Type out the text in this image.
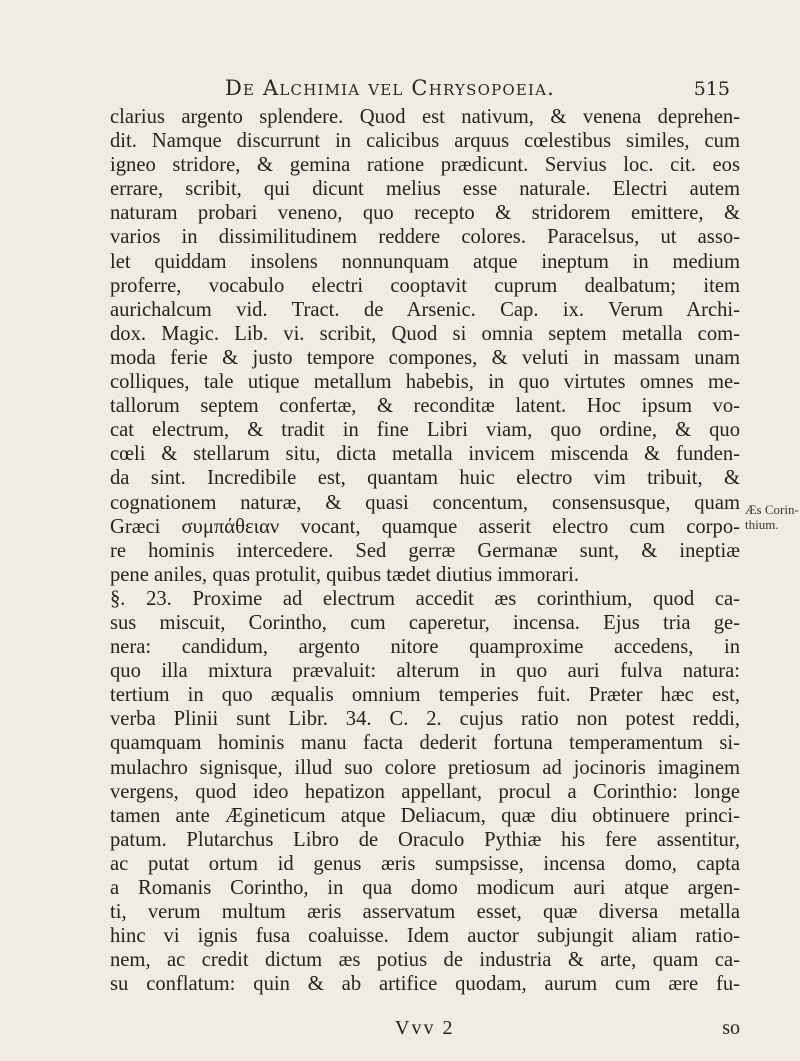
De Alchimia vel Chrysopoeia.	515
clarius argento splendere. Quod est nativum, & venena deprehen-
dit. Namque discurrunt in calicibus arquus cœlestibus similes, cum
igneo stridore, & gemina ratione prædicunt. Servius loc. cit. eos
errare, scribit, qui dicunt melius esse naturale. Electri autem
naturam probari veneno, quo recepto & stridorem emittere, &
varios in dissimilitudinem reddere colores. Paracelsus, ut asso-
let quiddam insolens nonnunquam atque ineptum in medium
proferre, vocabulo electri cooptavit cuprum dealbatum; item
aurichalcum vid. Tract. de Arsenic. Cap. ix. Verum Archi-
dox. Magic. Lib. vi. scribit, Quod si omnia septem metalla com-
moda ferie & justo tempore compones, & veluti in massam unam
colliques, tale utique metallum habebis, in quo virtutes omnes me-
tallorum septem confertæ, & reconditæ latent. Hoc ipsum vo-
cat electrum, & tradit in fine Libri viam, quo ordine, & quo
cœli & stellarum situ, dicta metalla invicem miscenda & funden-
da sint. Incredibile est, quantam huic electro vim tribuit, &
cognationem naturæ, & quasi concentum, consensusque, quam
Græci συμπάθειαν vocant, quamque asserit electro cum corpo-
re hominis intercedere. Sed gerræ Germanæ sunt, & ineptiæ
pene aniles, quas protulit, quibus tædet diutius immorari.
§. 23. Proxime ad electrum accedit æs corinthium, quod ca-
sus miscuit, Corintho, cum caperetur, incensa. Ejus tria ge-
nera: candidum, argento nitore quamproxime accedens, in
quo illa mixtura prævaluit: alterum in quo auri fulva natura:
tertium in quo æqualis omnium temperies fuit. Præter hæc est,
verba Plinii sunt Libr. 34. C. 2. cujus ratio non potest reddi,
quamquam hominis manu facta dederit fortuna temperamentum si-
mulachro signisque, illud suo colore pretiosum ad jocinoris imaginem
vergens, quod ideo hepatizon appellant, procul a Corinthio: longe
tamen ante Ægineticum atque Deliacum, quæ diu obtinuere princi-
patum. Plutarchus Libro de Oraculo Pythiæ his fere assentitur,
ac putat ortum id genus æris sumpsisse, incensa domo, capta
a Romanis Corintho, in qua domo modicum auri atque argen-
ti, verum multum æris asservatum esset, quæ diversa metalla
hinc vi ignis fusa coaluisse. Idem auctor subjungit aliam ratio-
nem, ac credit dictum æs potius de industria & arte, quam ca-
su conflatum: quin & ab artifice quodam, aurum cum ære fu-
Æs Corin-thium.
Vvv 2	so
